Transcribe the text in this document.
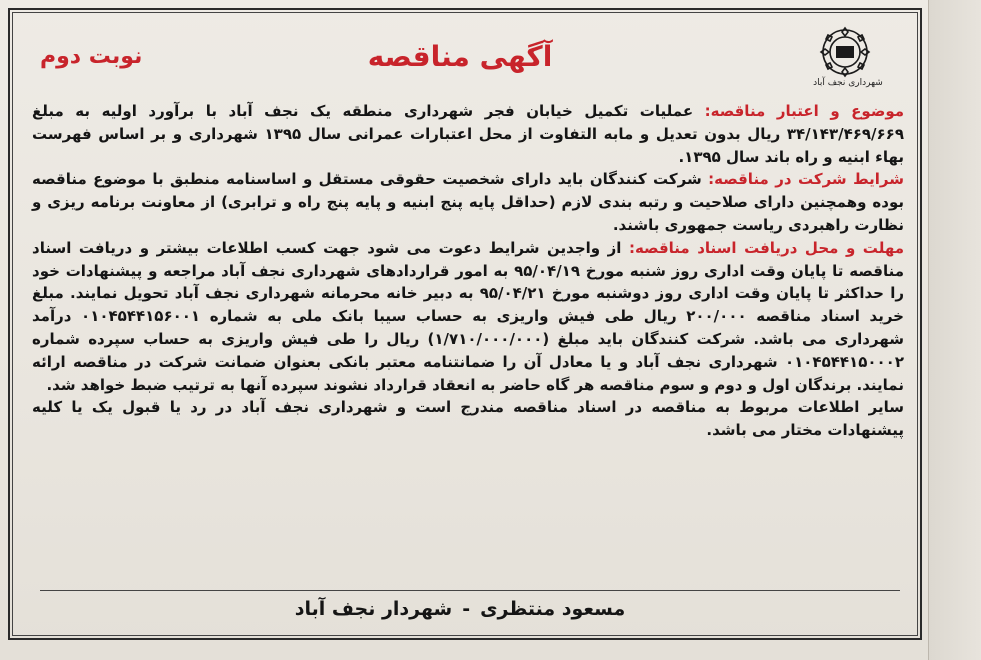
شهرداری نجف آباد
آگهی مناقصه
نوبت دوم

موضوع و اعتبار مناقصه: عملیات تکمیل خیابان فجر شهرداری منطقه یک نجف آباد با برآورد اولیه به مبلغ ۳۴/۱۴۳/۴۶۹/۶۶۹ ریال بدون تعدیل و مابه التفاوت از محل اعتبارات عمرانی سال ۱۳۹۵ شهرداری و بر اساس فهرست بهاء ابنیه و راه باند سال ۱۳۹۵.

شرایط شرکت در مناقصه: شرکت کنندگان باید دارای شخصیت حقوقی مستقل و اساسنامه منطبق با موضوع مناقصه بوده وهمچنین دارای صلاحیت و رتبه بندی لازم (حداقل پایه پنج ابنیه و پایه پنج راه و ترابری) از معاونت برنامه ریزی و نظارت راهبردی ریاست جمهوری باشند.

مهلت و محل دریافت اسناد مناقصه: از واجدین شرایط دعوت می شود جهت کسب اطلاعات بیشتر و دریافت اسناد مناقصه تا پایان وقت اداری روز شنبه مورخ ۹۵/۰۴/۱۹ به امور قراردادهای شهرداری نجف آباد مراجعه و پیشنهادات خود را حداکثر تا پایان وقت اداری روز دوشنبه مورخ ۹۵/۰۴/۲۱ به دبیر خانه محرمانه شهرداری نجف آباد تحویل نمایند. مبلغ خرید اسناد مناقصه ۲۰۰/۰۰۰ ریال طی فیش واریزی به حساب سیبا بانک ملی به شماره ۰۱۰۴۵۴۴۱۵۶۰۰۱ درآمد شهرداری می باشد. شرکت کنندگان باید مبلغ (۱/۷۱۰/۰۰۰/۰۰۰) ریال را طی فیش واریزی به حساب سپرده شماره ۰۱۰۴۵۴۴۱۵۰۰۰۲ شهرداری نجف آباد و یا معادل آن را ضمانتنامه معتبر بانکی بعنوان ضمانت شرکت در مناقصه ارائه نمایند. برندگان اول و دوم و سوم مناقصه هر گاه حاضر به انعقاد قرارداد نشوند سپرده آنها به ترتیب ضبط خواهد شد.

سایر اطلاعات مربوط به مناقصه در اسناد مناقصه مندرج است و شهرداری نجف آباد در رد یا قبول یک یا کلیه پیشنهادات مختار می باشد.

مسعود منتظری-شهردار نجف آباد
